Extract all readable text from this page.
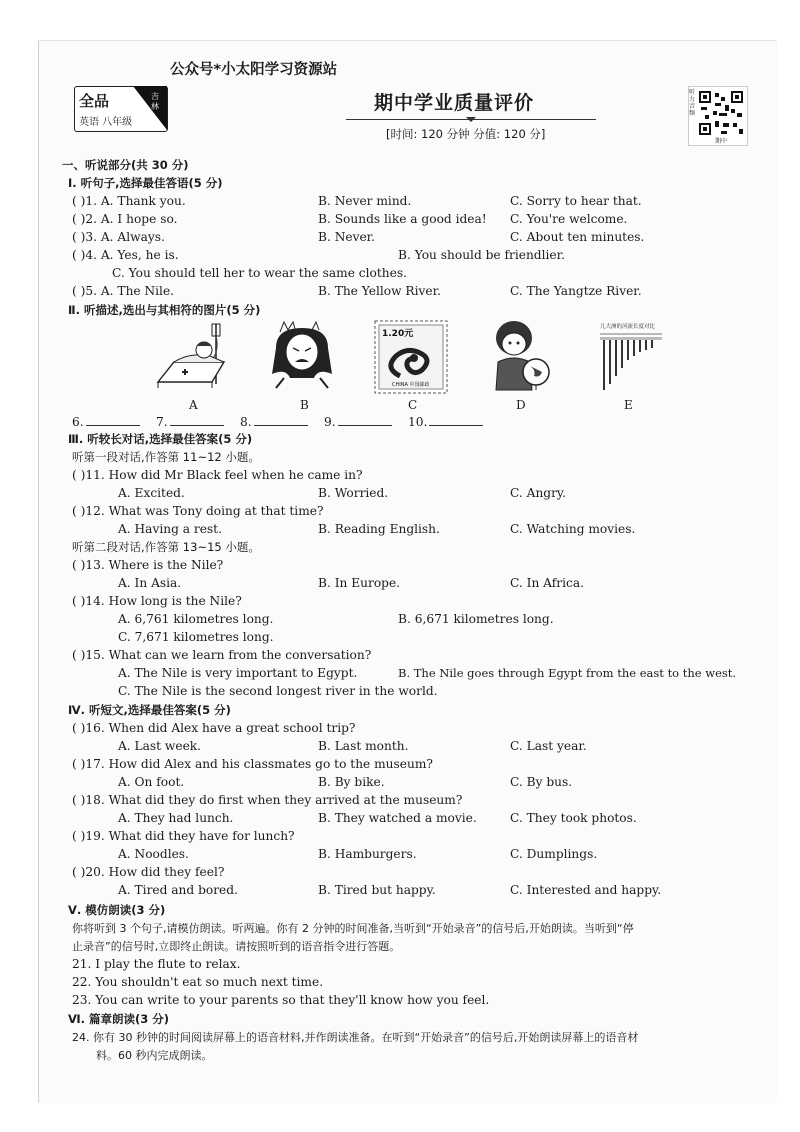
公众号*小太阳学习资源站
全品
英语 八年级
吉林	期中学业质量评价
[时间: 120 分钟 分值: 120 分]
听力音频
期中
一、听说部分(共 30 分)
Ⅰ. 听句子,选择最佳答语(5 分)
( )1. A. Thank you.	B. Never mind.	C. Sorry to hear that.
( )2. A. I hope so.	B. Sounds like a good idea! C. You're welcome.
( )3. A. Always.	B. Never.	C. About ten minutes.
( )4. A. Yes, he is.	B. You should be friendlier.
C. You should tell her to wear the same clothes.
( )5. A. The Nile.	B. The Yellow River.	C. The Yangtze River.
Ⅱ. 听描述,选出与其相符的图片(5 分)
A	B
1.20元
CHINA 中国邮政
C	D
几大洲的河流长度对比
E
6.	7.	8.	9.	10.
Ⅲ. 听较长对话,选择最佳答案(5 分)
听第一段对话,作答第 11~12 小题。
( )11. How did Mr Black feel when he came in?
A. Excited.	B. Worried.	C. Angry.
( )12. What was Tony doing at that time?
A. Having a rest.	B. Reading English.	C. Watching movies.
听第二段对话,作答第 13~15 小题。
( )13. Where is the Nile?
A. In Asia.	B. In Europe.	C. In Africa.
( )14. How long is the Nile?
A. 6,761 kilometres long.	B. 6,671 kilometres long.
C. 7,671 kilometres long.
( )15. What can we learn from the conversation?
A. The Nile is very important to Egypt.	B. The Nile goes through Egypt from the east to the west.
C. The Nile is the second longest river in the world.
Ⅳ. 听短文,选择最佳答案(5 分)
( )16. When did Alex have a great school trip?
A. Last week.	B. Last month.	C. Last year.
( )17. How did Alex and his classmates go to the museum?
A. On foot.	B. By bike.	C. By bus.
( )18. What did they do first when they arrived at the museum?
A. They had lunch.	B. They watched a movie.	C. They took photos.
( )19. What did they have for lunch?
A. Noodles.	B. Hamburgers.	C. Dumplings.
( )20. How did they feel?
A. Tired and bored.	B. Tired but happy.	C. Interested and happy.
Ⅴ. 模仿朗读(3 分)
你将听到 3 个句子,请模仿朗读。听两遍。你有 2 分钟的时间准备,当听到“开始录音”的信号后,开始朗读。当听到“停
止录音”的信号时,立即终止朗读。请按照听到的语音指令进行答题。
21. I play the flute to relax.
22. You shouldn't eat so much next time.
23. You can write to your parents so that they'll know how you feel.
Ⅵ. 篇章朗读(3 分)
24. 你有 30 秒钟的时间阅读屏幕上的语音材料,并作朗读准备。在听到“开始录音”的信号后,开始朗读屏幕上的语音材
料。60 秒内完成朗读。
